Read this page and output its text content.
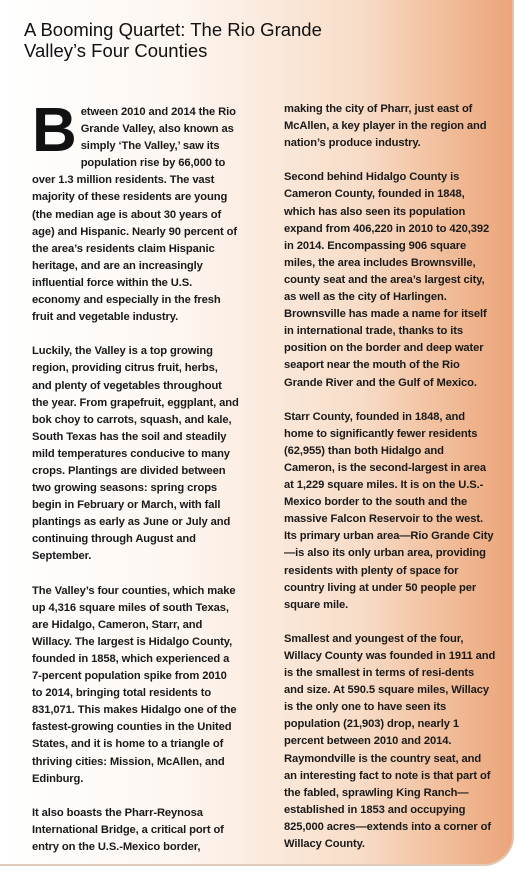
A Booming Quartet: The Rio Grande Valley’s Four Counties

Between 2010 and 2014 the Rio Grande Valley, also known as simply ‘The Valley,’ saw its population rise by 66,000 to over 1.3 million residents. The vast majority of these residents are young (the median age is about 30 years of age) and Hispanic. Nearly 90 percent of the area’s residents claim Hispanic heritage, and are an increasingly influential force within the U.S. economy and especially in the fresh fruit and vegetable industry.

Luckily, the Valley is a top growing region, providing citrus fruit, herbs, and plenty of vegetables throughout the year. From grapefruit, eggplant, and bok choy to carrots, squash, and kale, South Texas has the soil and steadily mild temperatures conducive to many crops. Plantings are divided between two growing seasons: spring crops begin in February or March, with fall plantings as early as June or July and continuing through August and September.

The Valley’s four counties, which make up 4,316 square miles of south Texas, are Hidalgo, Cameron, Starr, and Willacy. The largest is Hidalgo County, founded in 1858, which experienced a 7-percent population spike from 2010 to 2014, bringing total residents to 831,071. This makes Hidalgo one of the fastest-growing counties in the United States, and it is home to a triangle of thriving cities: Mission, McAllen, and Edinburg.

It also boasts the Pharr-Reynosa International Bridge, a critical port of entry on the U.S.-Mexico border,

making the city of Pharr, just east of McAllen, a key player in the region and nation’s produce industry.

Second behind Hidalgo County is Cameron County, founded in 1848, which has also seen its population expand from 406,220 in 2010 to 420,392 in 2014. Encompassing 906 square miles, the area includes Brownsville, county seat and the area’s largest city, as well as the city of Harlingen. Brownsville has made a name for itself in international trade, thanks to its position on the border and deep water seaport near the mouth of the Rio Grande River and the Gulf of Mexico.

Starr County, founded in 1848, and home to significantly fewer residents (62,955) than both Hidalgo and Cameron, is the second-largest in area at 1,229 square miles. It is on the U.S.-Mexico border to the south and the massive Falcon Reservoir to the west. Its primary urban area—Rio Grande City—is also its only urban area, providing residents with plenty of space for country living at under 50 people per square mile.

Smallest and youngest of the four, Willacy County was founded in 1911 and is the smallest in terms of resi-dents and size. At 590.5 square miles, Willacy is the only one to have seen its population (21,903) drop, nearly 1 percent between 2010 and 2014. Raymondville is the country seat, and an interesting fact to note is that part of the fabled, sprawling King Ranch—established in 1853 and occupying 825,000 acres—extends into a corner of Willacy County.
